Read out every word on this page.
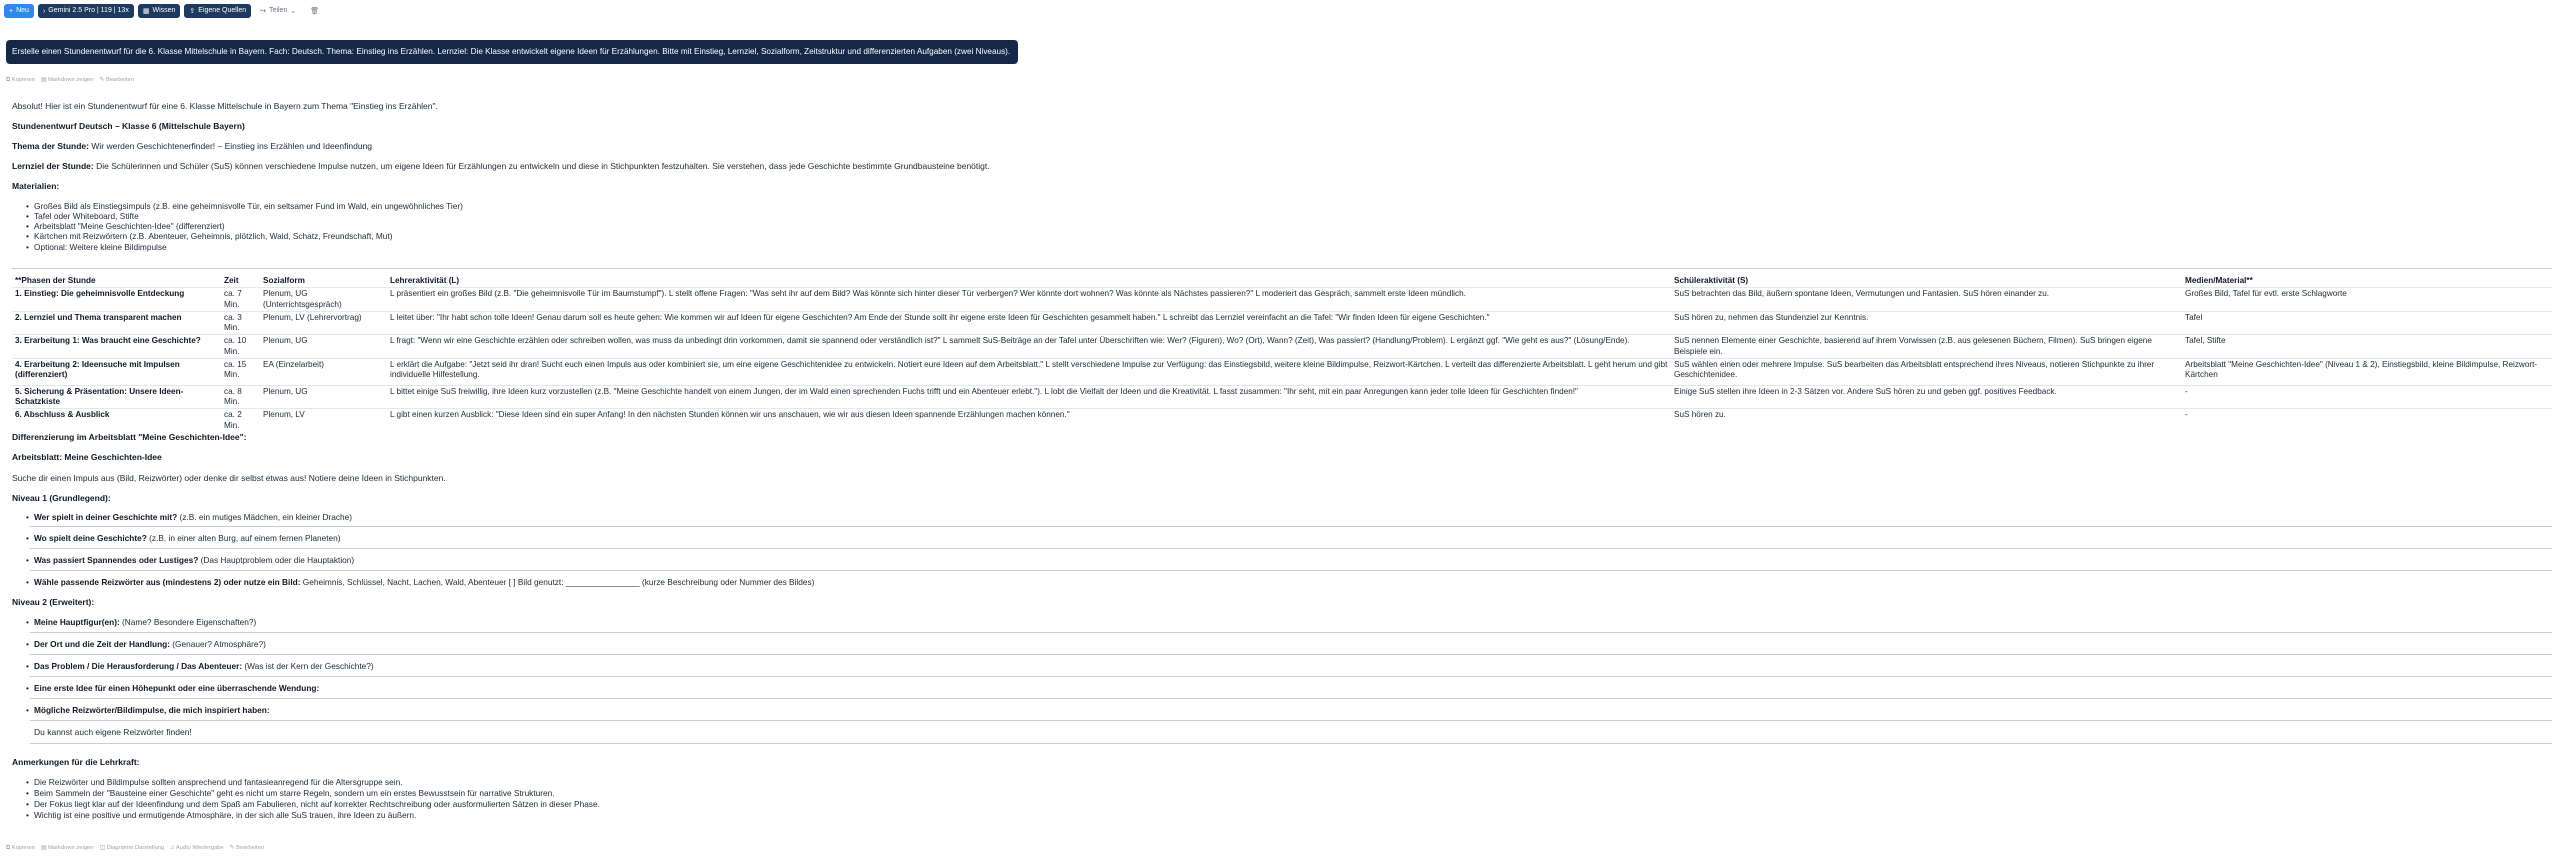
+ Neu › Gemini 2.5 Pro | 119 | 13x ▦ Wissen ⇪ Eigene Quellen ↪ Teilen ⌄ 🗑
Erstelle einen Stundenentwurf für die 6. Klasse Mittelschule in Bayern. Fach: Deutsch. Thema: Einstieg ins Erzählen. Lernziel: Die Klasse entwickelt eigene Ideen für Erzählungen. Bitte mit Einstieg, Lernziel, Sozialform, Zeitstruktur und differenzierten Aufgaben (zwei Niveaus).
⧉ Kopieren ▤ Markdown zeigen ✎ Bearbeiten
Absolut! Hier ist ein Stundenentwurf für eine 6. Klasse Mittelschule in Bayern zum Thema "Einstieg ins Erzählen".
Stundenentwurf Deutsch – Klasse 6 (Mittelschule Bayern)
Thema der Stunde: Wir werden Geschichtenerfinder! – Einstieg ins Erzählen und Ideenfindung
Lernziel der Stunde: Die Schülerinnen und Schüler (SuS) können verschiedene Impulse nutzen, um eigene Ideen für Erzählungen zu entwickeln und diese in Stichpunkten festzuhalten. Sie verstehen, dass jede Geschichte bestimmte Grundbausteine benötigt.
Materialien:
• Großes Bild als Einstiegsimpuls (z.B. eine geheimnisvolle Tür, ein seltsamer Fund im Wald, ein ungewöhnliches Tier)
• Tafel oder Whiteboard, Stifte
• Arbeitsblatt "Meine Geschichten-Idee" (differenziert)
• Kärtchen mit Reizwörtern (z.B. Abenteuer, Geheimnis, plötzlich, Wald, Schatz, Freundschaft, Mut)
• Optional: Weitere kleine Bildimpulse
**Phasen der Stunde	Zeit	Sozialform	Lehreraktivität (L)	Schüleraktivität (S)	Medien/Material**
1. Einstieg: Die geheimnisvolle Entdeckung	ca. 7 Min.	Plenum, UG (Unterrichtsgespräch)	L präsentiert ein großes Bild (z.B. "Die geheimnisvolle Tür im Baumstumpf"). L stellt offene Fragen: "Was seht ihr auf dem Bild? Was könnte sich hinter dieser Tür verbergen? Wer könnte dort wohnen? Was könnte als Nächstes passieren?" L moderiert das Gespräch, sammelt erste Ideen mündlich.	SuS betrachten das Bild, äußern spontane Ideen, Vermutungen und Fantasien. SuS hören einander zu.	Großes Bild, Tafel für evtl. erste Schlagworte
2. Lernziel und Thema transparent machen	ca. 3 Min.	Plenum, LV (Lehrervortrag)	L leitet über: "Ihr habt schon tolle Ideen! Genau darum soll es heute gehen: Wie kommen wir auf Ideen für eigene Geschichten? Am Ende der Stunde sollt ihr eigene erste Ideen für Geschichten gesammelt haben." L schreibt das Lernziel vereinfacht an die Tafel: "Wir finden Ideen für eigene Geschichten."	SuS hören zu, nehmen das Stundenziel zur Kenntnis.	Tafel
3. Erarbeitung 1: Was braucht eine Geschichte?	ca. 10 Min.	Plenum, UG	L fragt: "Wenn wir eine Geschichte erzählen oder schreiben wollen, was muss da unbedingt drin vorkommen, damit sie spannend oder verständlich ist?" L sammelt SuS-Beiträge an der Tafel unter Überschriften wie: Wer? (Figuren), Wo? (Ort), Wann? (Zeit), Was passiert? (Handlung/Problem). L ergänzt ggf. "Wie geht es aus?" (Lösung/Ende).	SuS nennen Elemente einer Geschichte, basierend auf ihrem Vorwissen (z.B. aus gelesenen Büchern, Filmen). SuS bringen eigene Beispiele ein.	Tafel, Stifte
4. Erarbeitung 2: Ideensuche mit Impulsen (differenziert)	ca. 15 Min.	EA (Einzelarbeit)	L erklärt die Aufgabe: "Jetzt seid ihr dran! Sucht euch einen Impuls aus oder kombiniert sie, um eine eigene Geschichtenidee zu entwickeln. Notiert eure Ideen auf dem Arbeitsblatt." L stellt verschiedene Impulse zur Verfügung: das Einstiegsbild, weitere kleine Bildimpulse, Reizwort-Kärtchen. L verteilt das differenzierte Arbeitsblatt. L geht herum und gibt individuelle Hilfestellung.	SuS wählen einen oder mehrere Impulse. SuS bearbeiten das Arbeitsblatt entsprechend ihres Niveaus, notieren Stichpunkte zu ihrer Geschichtenidee.	Arbeitsblatt "Meine Geschichten-Idee" (Niveau 1 & 2), Einstiegsbild, kleine Bildimpulse, Reizwort-Kärtchen
5. Sicherung & Präsentation: Unsere Ideen-Schatzkiste	ca. 8 Min.	Plenum, UG	L bittet einige SuS freiwillig, ihre Ideen kurz vorzustellen (z.B. "Meine Geschichte handelt von einem Jungen, der im Wald einen sprechenden Fuchs trifft und ein Abenteuer erlebt."). L lobt die Vielfalt der Ideen und die Kreativität. L fasst zusammen: "Ihr seht, mit ein paar Anregungen kann jeder tolle Ideen für Geschichten finden!"	Einige SuS stellen ihre Ideen in 2-3 Sätzen vor. Andere SuS hören zu und geben ggf. positives Feedback.	-
6. Abschluss & Ausblick	ca. 2 Min.	Plenum, LV	L gibt einen kurzen Ausblick: "Diese Ideen sind ein super Anfang! In den nächsten Stunden können wir uns anschauen, wie wir aus diesen Ideen spannende Erzählungen machen können."	SuS hören zu.	-
Differenzierung im Arbeitsblatt "Meine Geschichten-Idee":
Arbeitsblatt: Meine Geschichten-Idee
Suche dir einen Impuls aus (Bild, Reizwörter) oder denke dir selbst etwas aus! Notiere deine Ideen in Stichpunkten.
Niveau 1 (Grundlegend):
• Wer spielt in deiner Geschichte mit? (z.B. ein mutiges Mädchen, ein kleiner Drache)
• Wo spielt deine Geschichte? (z.B. in einer alten Burg, auf einem fernen Planeten)
• Was passiert Spannendes oder Lustiges? (Das Hauptproblem oder die Hauptaktion)
• Wähle passende Reizwörter aus (mindestens 2) oder nutze ein Bild: Geheimnis, Schlüssel, Nacht, Lachen, Wald, Abenteuer [ ] Bild genutzt: ________________ (kurze Beschreibung oder Nummer des Bildes)
Niveau 2 (Erweitert):
• Meine Hauptfigur(en): (Name? Besondere Eigenschaften?)
• Der Ort und die Zeit der Handlung: (Genauer? Atmosphäre?)
• Das Problem / Die Herausforderung / Das Abenteuer: (Was ist der Kern der Geschichte?)
• Eine erste Idee für einen Höhepunkt oder eine überraschende Wendung:
• Mögliche Reizwörter/Bildimpulse, die mich inspiriert haben:
Du kannst auch eigene Reizwörter finden!
Anmerkungen für die Lehrkraft:
• Die Reizwörter und Bildimpulse sollten ansprechend und fantasieanregend für die Altersgruppe sein.
• Beim Sammeln der "Bausteine einer Geschichte" geht es nicht um starre Regeln, sondern um ein erstes Bewusstsein für narrative Strukturen.
• Der Fokus liegt klar auf der Ideenfindung und dem Spaß am Fabulieren, nicht auf korrekter Rechtschreibung oder ausformulierten Sätzen in dieser Phase.
• Wichtig ist eine positive und ermutigende Atmosphäre, in der sich alle SuS trauen, ihre Ideen zu äußern.
⧉ Kopieren ▤ Markdown zeigen ◫ Diagramm Darstellung ♫ Audio Wiedergabe ✎ Bearbeiten
